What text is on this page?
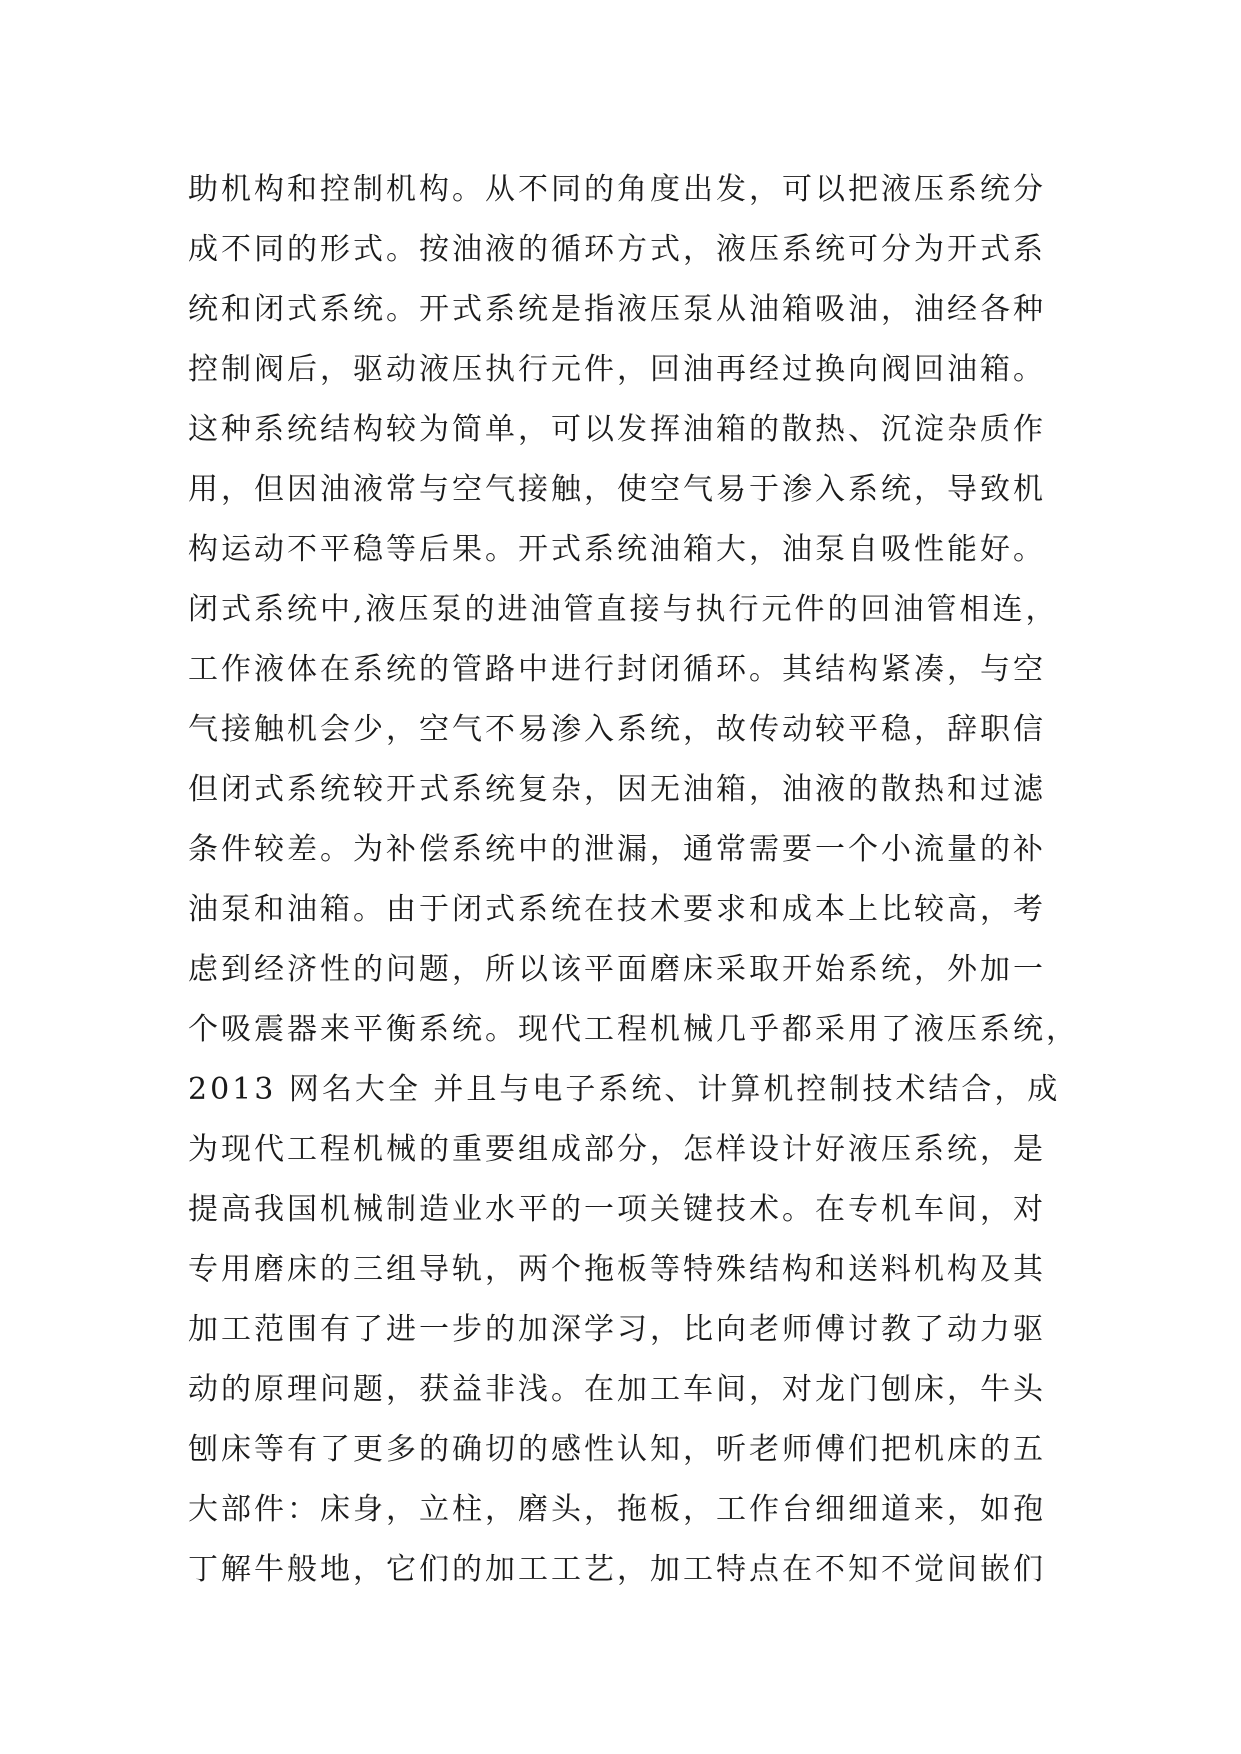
助机构和控制机构。从不同的角度出发，可以把液压系统分
成不同的形式。按油液的循环方式，液压系统可分为开式系
统和闭式系统。开式系统是指液压泵从油箱吸油，油经各种
控制阀后，驱动液压执行元件，回油再经过换向阀回油箱。
这种系统结构较为简单，可以发挥油箱的散热、沉淀杂质作
用，但因油液常与空气接触，使空气易于渗入系统，导致机
构运动不平稳等后果。开式系统油箱大，油泵自吸性能好。
闭式系统中,液压泵的进油管直接与执行元件的回油管相连，
工作液体在系统的管路中进行封闭循环。其结构紧凑，与空
气接触机会少，空气不易渗入系统，故传动较平稳，辞职信
但闭式系统较开式系统复杂，因无油箱，油液的散热和过滤
条件较差。为补偿系统中的泄漏，通常需要一个小流量的补
油泵和油箱。由于闭式系统在技术要求和成本上比较高，考
虑到经济性的问题，所以该平面磨床采取开始系统，外加一
个吸震器来平衡系统。现代工程机械几乎都采用了液压系统，
2013 网名大全 并且与电子系统、计算机控制技术结合，成
为现代工程机械的重要组成部分，怎样设计好液压系统，是
提高我国机械制造业水平的一项关键技术。在专机车间，对
专用磨床的三组导轨，两个拖板等特殊结构和送料机构及其
加工范围有了进一步的加深学习，比向老师傅讨教了动力驱
动的原理问题，获益非浅。在加工车间，对龙门刨床，牛头
刨床等有了更多的确切的感性认知，听老师傅们把机床的五
大部件：床身，立柱，磨头，拖板，工作台细细道来，如孢
丁解牛般地，它们的加工工艺，加工特点在不知不觉间嵌们
